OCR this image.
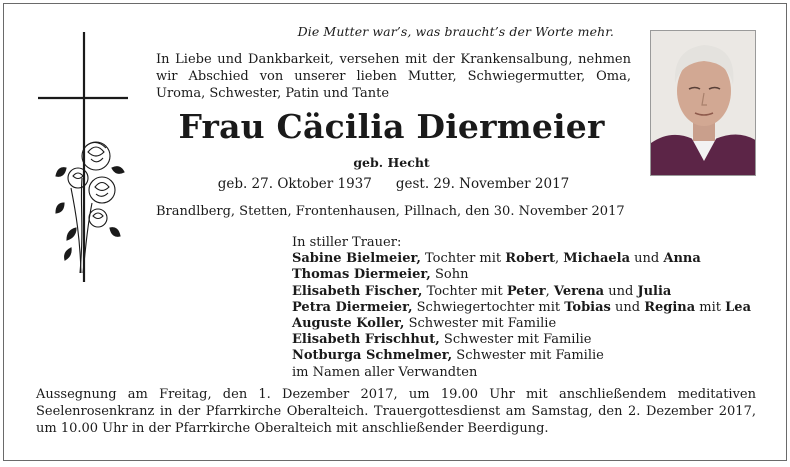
Die Mutter war’s, was braucht’s der Worte mehr.
In Liebe und Dankbarkeit, versehen mit der Krankensalbung, nehmen wir Abschied von unserer lieben Mutter, Schwiegermutter, Oma, Uroma, Schwester, Patin und Tante
Frau Cäcilia Diermeier
geb. Hecht
geb. 27. Oktober 1937 gest. 29. November 2017
Brandlberg, Stetten, Frontenhausen, Pillnach, den 30. November 2017
In stiller Trauer:
Sabine Bielmeier, Tochter mit Robert, Michaela und Anna
Thomas Diermeier, Sohn
Elisabeth Fischer, Tochter mit Peter, Verena und Julia
Petra Diermeier, Schwiegertochter mit Tobias und Regina mit Lea
Auguste Koller, Schwester mit Familie
Elisabeth Frischhut, Schwester mit Familie
Notburga Schmelmer, Schwester mit Familie
im Namen aller Verwandten
Aussegnung am Freitag, den 1. Dezember 2017, um 19.00 Uhr mit anschließendem meditativen Seelenrosenkranz in der Pfarrkirche Oberalteich. Trauergottesdienst am Samstag, den 2. Dezember 2017, um 10.00 Uhr in der Pfarrkirche Oberalteich mit anschließender Beerdigung.
